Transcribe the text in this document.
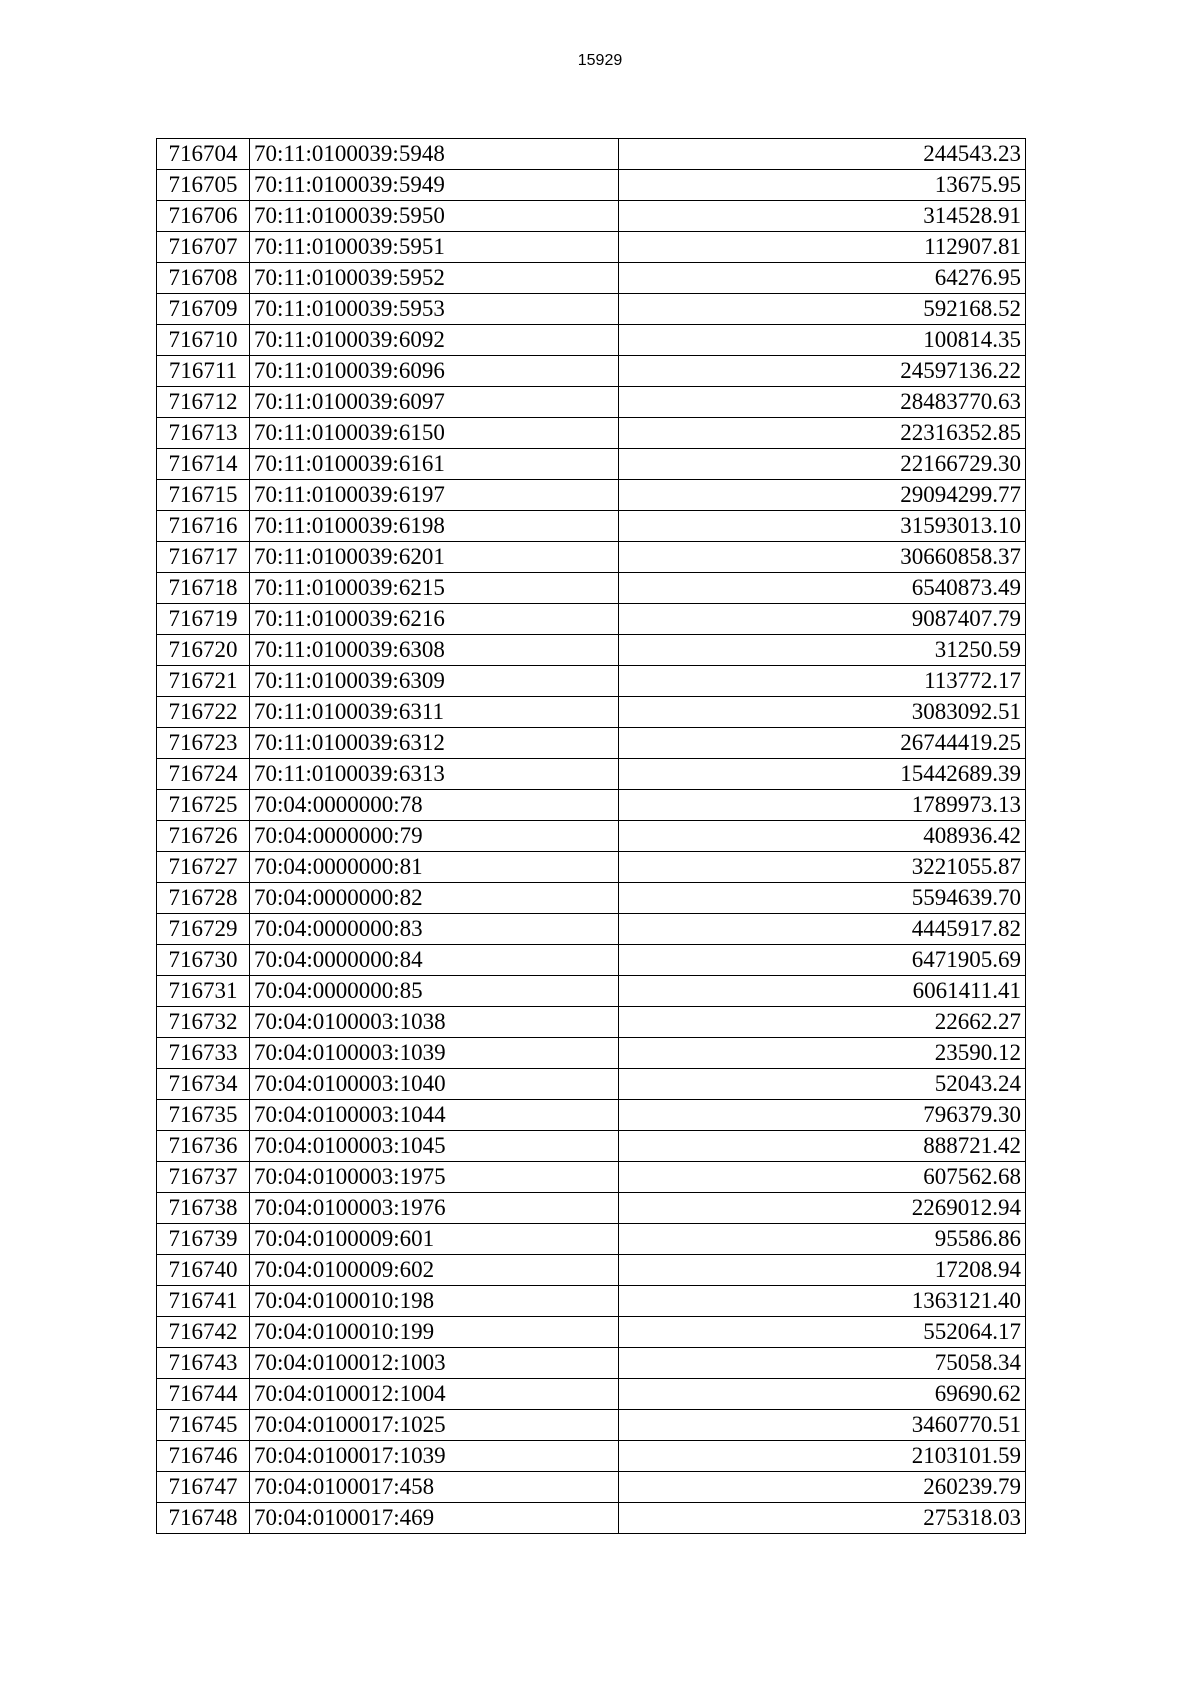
15929
716704	70:11:0100039:5948	244543.23
716705	70:11:0100039:5949	13675.95
716706	70:11:0100039:5950	314528.91
716707	70:11:0100039:5951	112907.81
716708	70:11:0100039:5952	64276.95
716709	70:11:0100039:5953	592168.52
716710	70:11:0100039:6092	100814.35
716711	70:11:0100039:6096	24597136.22
716712	70:11:0100039:6097	28483770.63
716713	70:11:0100039:6150	22316352.85
716714	70:11:0100039:6161	22166729.30
716715	70:11:0100039:6197	29094299.77
716716	70:11:0100039:6198	31593013.10
716717	70:11:0100039:6201	30660858.37
716718	70:11:0100039:6215	6540873.49
716719	70:11:0100039:6216	9087407.79
716720	70:11:0100039:6308	31250.59
716721	70:11:0100039:6309	113772.17
716722	70:11:0100039:6311	3083092.51
716723	70:11:0100039:6312	26744419.25
716724	70:11:0100039:6313	15442689.39
716725	70:04:0000000:78	1789973.13
716726	70:04:0000000:79	408936.42
716727	70:04:0000000:81	3221055.87
716728	70:04:0000000:82	5594639.70
716729	70:04:0000000:83	4445917.82
716730	70:04:0000000:84	6471905.69
716731	70:04:0000000:85	6061411.41
716732	70:04:0100003:1038	22662.27
716733	70:04:0100003:1039	23590.12
716734	70:04:0100003:1040	52043.24
716735	70:04:0100003:1044	796379.30
716736	70:04:0100003:1045	888721.42
716737	70:04:0100003:1975	607562.68
716738	70:04:0100003:1976	2269012.94
716739	70:04:0100009:601	95586.86
716740	70:04:0100009:602	17208.94
716741	70:04:0100010:198	1363121.40
716742	70:04:0100010:199	552064.17
716743	70:04:0100012:1003	75058.34
716744	70:04:0100012:1004	69690.62
716745	70:04:0100017:1025	3460770.51
716746	70:04:0100017:1039	2103101.59
716747	70:04:0100017:458	260239.79
716748	70:04:0100017:469	275318.03
